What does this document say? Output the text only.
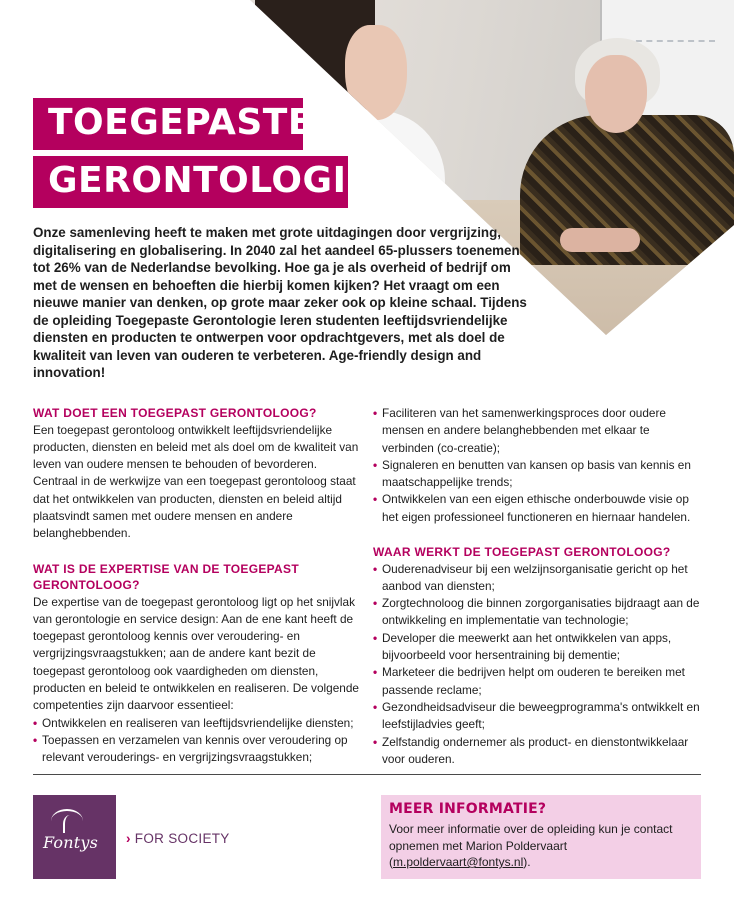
TOEGEPASTE
GERONTOLOGIE

Onze samenleving heeft te maken met grote uitdagingen door vergrijzing, digitalisering en globalisering. In 2040 zal het aandeel 65-plussers toenemen tot 26% van de Nederlandse bevolking. Hoe ga je als overheid of bedrijf om met de wensen en behoeften die hierbij komen kijken? Het vraagt om een nieuwe manier van denken, op grote maar zeker ook op kleine schaal. Tijdens de opleiding Toegepaste Gerontologie leren studenten leeftijdsvriendelijke diensten en producten te ontwerpen voor opdrachtgevers, met als doel de kwaliteit van leven van ouderen te verbeteren. Age-friendly design and innovation!

WAT DOET EEN TOEGEPAST GERONTOLOOG?

Een toegepast gerontoloog ontwikkelt leeftijdsvriendelijke producten, diensten en beleid met als doel om de kwaliteit van leven van oudere mensen te behouden of bevorderen.

Centraal in de werkwijze van een toegepast gerontoloog staat dat het ontwikkelen van producten, diensten en beleid altijd plaatsvindt samen met oudere mensen en andere belanghebbenden.

WAT IS DE EXPERTISE VAN DE TOEGEPAST GERONTOLOOG?

De expertise van de toegepast gerontoloog ligt op het snijvlak van gerontologie en service design: Aan de ene kant heeft de toegepast gerontoloog kennis over veroudering- en vergrijzingsvraagstukken; aan de andere kant bezit de toegepast gerontoloog ook vaardigheden om diensten, producten en beleid te ontwikkelen en realiseren. De volgende competenties zijn daarvoor essentieel:

• Ontwikkelen en realiseren van leeftijdsvriendelijke diensten;
• Toepassen en verzamelen van kennis over veroudering op relevant verouderings- en vergrijzingsvraagstukken;
• Faciliteren van het samenwerkingsproces door oudere mensen en andere belanghebbenden met elkaar te verbinden (co-creatie);
• Signaleren en benutten van kansen op basis van kennis en maatschappelijke trends;
• Ontwikkelen van een eigen ethische onderbouwde visie op het eigen professioneel functioneren en hiernaar handelen.
WAAR WERKT DE TOEGEPAST GERONTOLOOG?
• Ouderenadviseur bij een welzijnsorganisatie gericht op het aanbod van diensten;
• Zorgtechnoloog die binnen zorgorganisaties bijdraagt aan de ontwikkeling en implementatie van technologie;
• Developer die meewerkt aan het ontwikkelen van apps, bijvoorbeeld voor hersentraining bij dementie;
• Marketeer die bedrijven helpt om ouderen te bereiken met passende reclame;
• Gezondheidsadviseur die beweegprogramma's ontwikkelt en leefstijladvies geeft;
• Zelfstandig ondernemer als product- en dienstontwikkelaar voor ouderen.
Fontys › FOR SOCIETY
MEER INFORMATIE?
Voor meer informatie over de opleiding kun je contact opnemen met Marion Poldervaart (m.poldervaart@fontys.nl).
